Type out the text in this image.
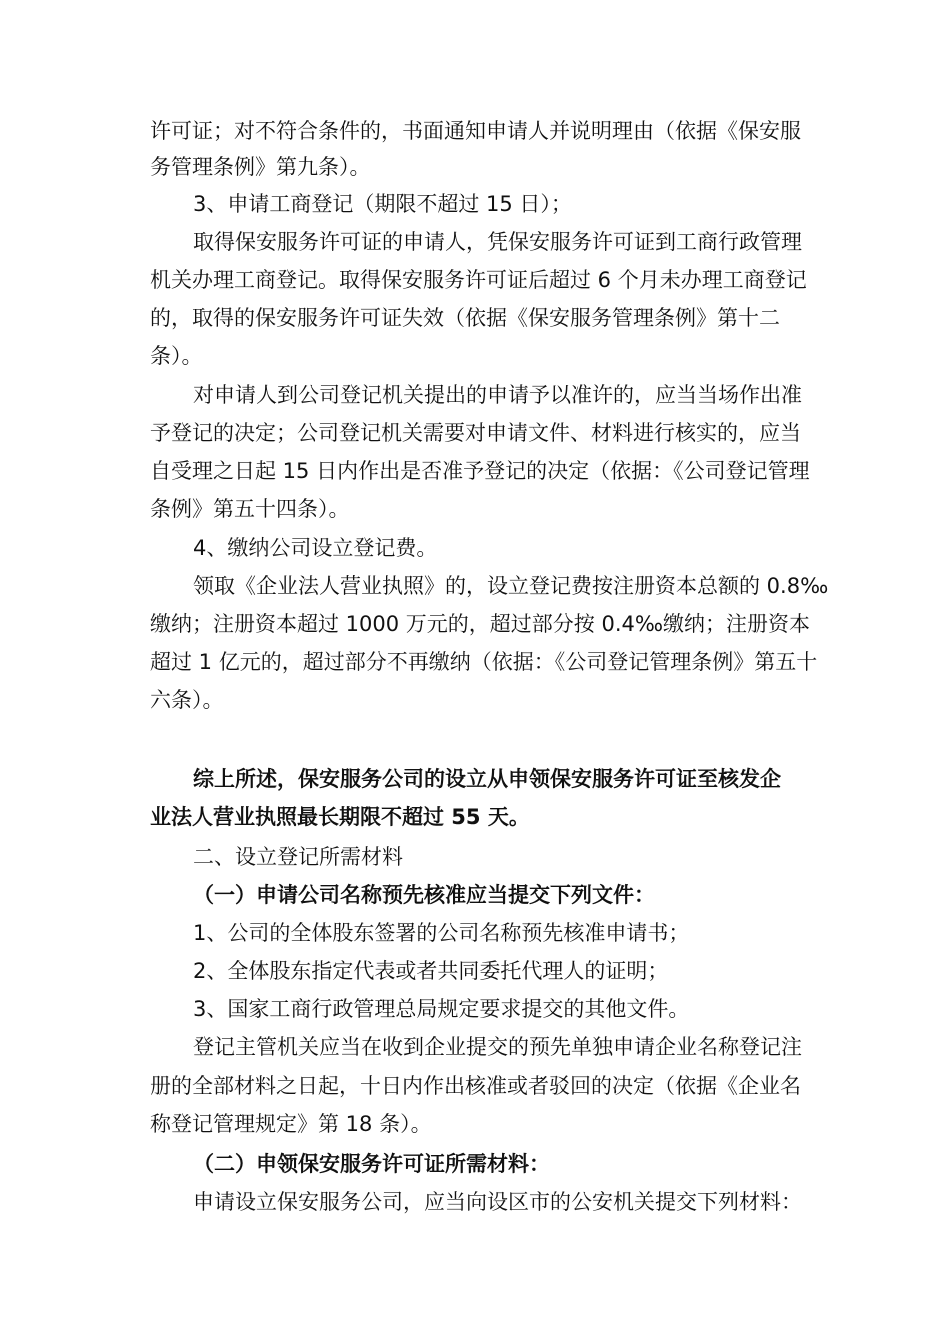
许可证；对不符合条件的，书面通知申请人并说明理由（依据《保安服
务管理条例》第九条）。
3、申请工商登记（期限不超过 15 日）；
取得保安服务许可证的申请人，凭保安服务许可证到工商行政管理
机关办理工商登记。取得保安服务许可证后超过 6 个月未办理工商登记
的，取得的保安服务许可证失效（依据《保安服务管理条例》第十二
条）。
对申请人到公司登记机关提出的申请予以准许的，应当当场作出准
予登记的决定；公司登记机关需要对申请文件、材料进行核实的，应当
自受理之日起 15 日内作出是否准予登记的决定（依据：《公司登记管理
条例》第五十四条）。
4、缴纳公司设立登记费。
领取《企业法人营业执照》的，设立登记费按注册资本总额的 0.8‰
缴纳；注册资本超过 1000 万元的，超过部分按 0.4‰缴纳；注册资本
超过 1 亿元的，超过部分不再缴纳（依据：《公司登记管理条例》第五十
六条）。
综上所述，保安服务公司的设立从申领保安服务许可证至核发企
业法人营业执照最长期限不超过 55 天。
二、设立登记所需材料
（一）申请公司名称预先核准应当提交下列文件：
1、公司的全体股东签署的公司名称预先核准申请书；
2、全体股东指定代表或者共同委托代理人的证明；
3、国家工商行政管理总局规定要求提交的其他文件。
登记主管机关应当在收到企业提交的预先单独申请企业名称登记注
册的全部材料之日起，十日内作出核准或者驳回的决定（依据《企业名
称登记管理规定》第 18 条）。
（二）申领保安服务许可证所需材料：
申请设立保安服务公司，应当向设区市的公安机关提交下列材料：
